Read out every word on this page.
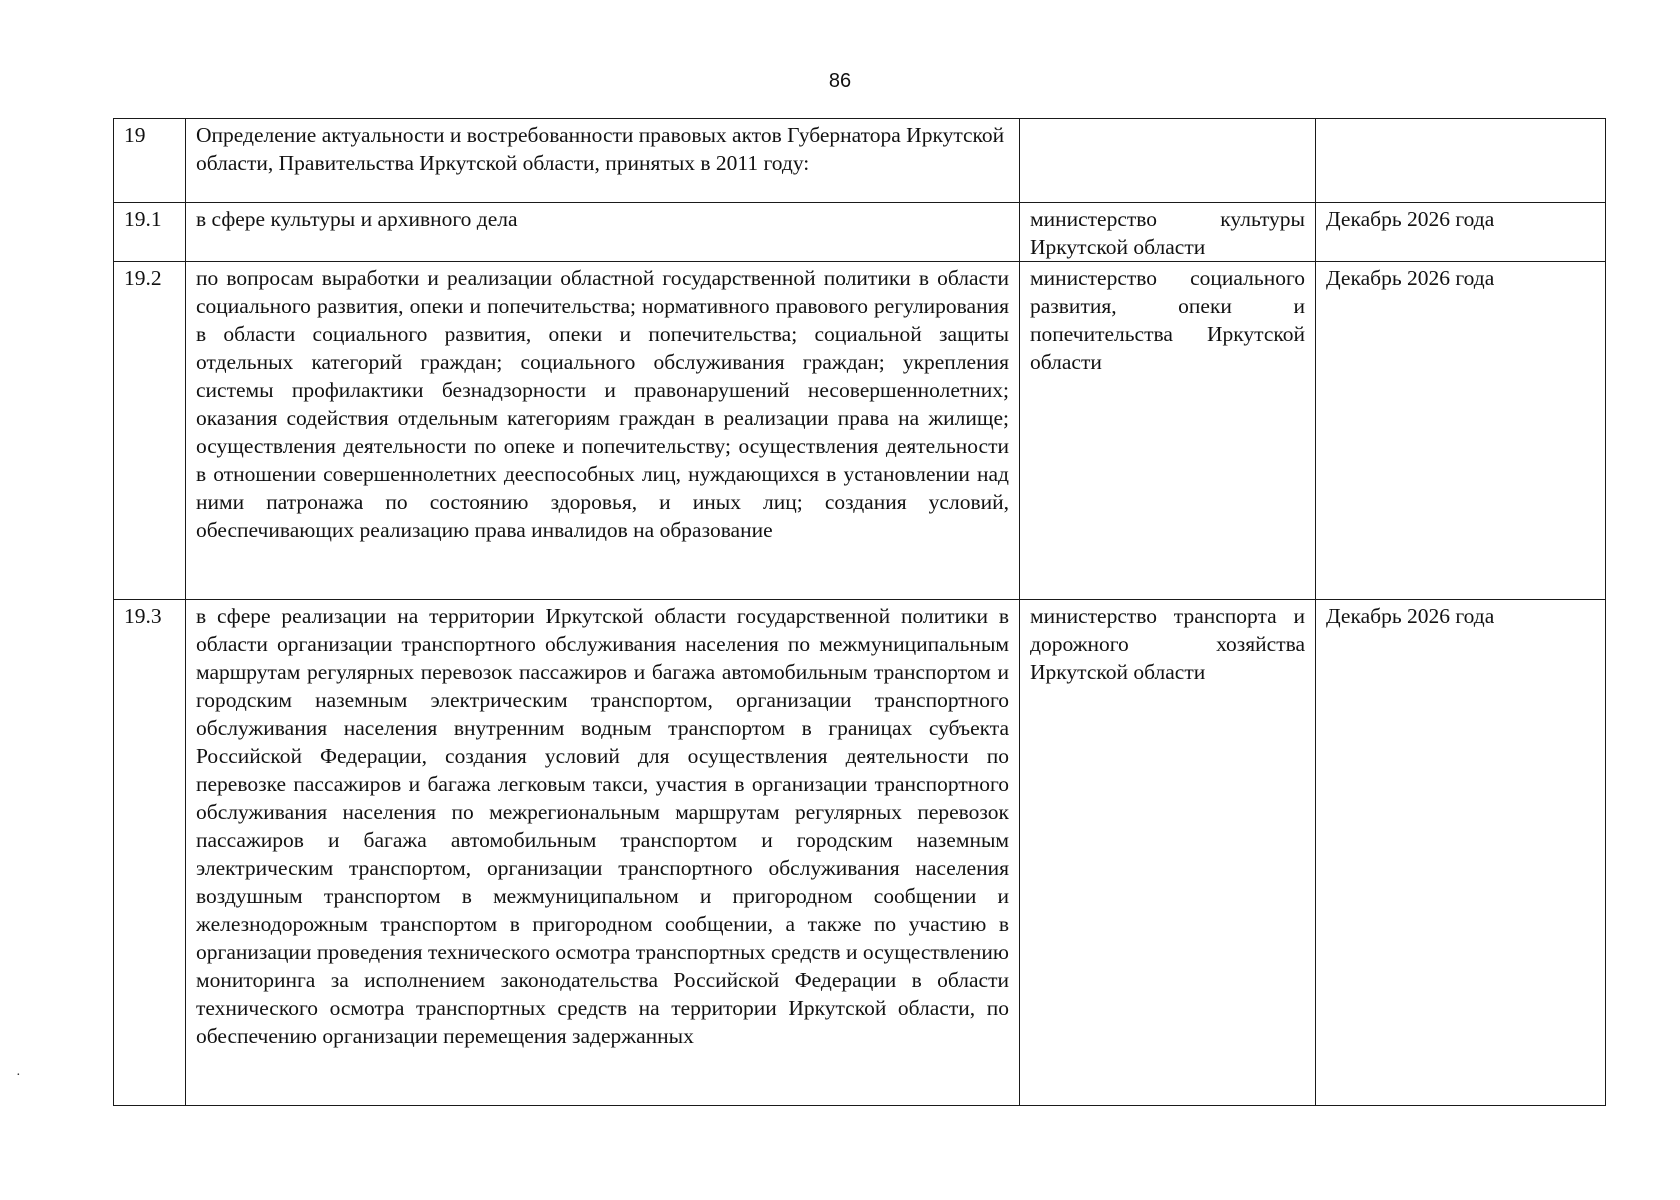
86
19	Определение актуальности и востребованности правовых актов Губернатора Иркутской области, Правительства Иркутской области, принятых в 2011 году:		
19.1	в сфере культуры и архивного дела	министерство культуры Иркутской области	Декабрь 2026 года
19.2	по вопросам выработки и реализации областной государственной политики в области социального развития, опеки и попечительства; нормативного правового регулирования в области социального развития, опеки и попечительства; социальной защиты отдельных категорий граждан; социального обслуживания граждан; укрепления системы профилактики безнадзорности и правонарушений несовершеннолетних; оказания содействия отдельным категориям граждан в реализации права на жилище; осуществления деятельности по опеке и попечительству; осуществления деятельности в отношении совершеннолетних дееспособных лиц, нуждающихся в установлении над ними патронажа по состоянию здоровья, и иных лиц; создания условий, обеспечивающих реализацию права инвалидов на образование	министерство социального развития, опеки и попечительства Иркутской области	Декабрь 2026 года
19.3	в сфере реализации на территории Иркутской области государственной политики в области организации транспортного обслуживания населения по межмуниципальным маршрутам регулярных перевозок пассажиров и багажа автомобильным транспортом и городским наземным электрическим транспортом, организации транспортного обслуживания населения внутренним водным транспортом в границах субъекта Российской Федерации, создания условий для осуществления деятельности по перевозке пассажиров и багажа легковым такси, участия в организации транспортного обслуживания населения по межрегиональным маршрутам регулярных перевозок пассажиров и багажа автомобильным транспортом и городским наземным электрическим транспортом, организации транспортного обслуживания населения воздушным транспортом в межмуниципальном и пригородном сообщении и железнодорожным транспортом в пригородном сообщении, а также по участию в организации проведения технического осмотра транспортных средств и осуществлению мониторинга за исполнением законодательства Российской Федерации в области технического осмотра транспортных средств на территории Иркутской области, по обеспечению организации перемещения задержанных	министерство транспорта и дорожного хозяйства Иркутской области	Декабрь 2026 года
·
